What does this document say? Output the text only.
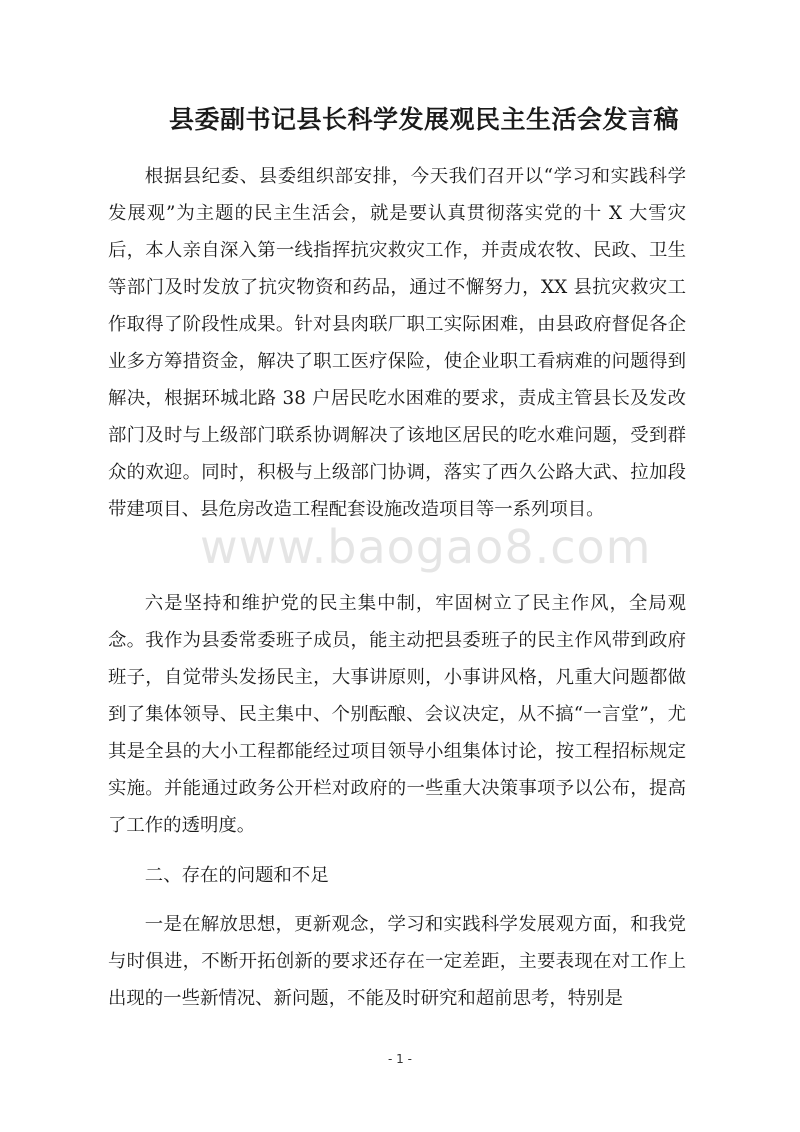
县委副书记县长科学发展观民主生活会发言稿

根据县纪委、县委组织部安排，今天我们召开以“学习和实践科学发展观”为主题的民主生活会，就是要认真贯彻落实党的十 X 大雪灾后，本人亲自深入第一线指挥抗灾救灾工作，并责成农牧、民政、卫生等部门及时发放了抗灾物资和药品，通过不懈努力，XX 县抗灾救灾工作取得了阶段性成果。针对县肉联厂职工实际困难，由县政府督促各企业多方筹措资金，解决了职工医疗保险，使企业职工看病难的问题得到解决，根据环城北路 38 户居民吃水困难的要求，责成主管县长及发改部门及时与上级部门联系协调解决了该地区居民的吃水难问题，受到群众的欢迎。同时，积极与上级部门协调，落实了西久公路大武、拉加段带建项目、县危房改造工程配套设施改造项目等一系列项目。

www.baogao8.com

六是坚持和维护党的民主集中制，牢固树立了民主作风，全局观念。我作为县委常委班子成员，能主动把县委班子的民主作风带到政府班子，自觉带头发扬民主，大事讲原则，小事讲风格，凡重大问题都做到了集体领导、民主集中、个别酝酿、会议决定，从不搞“一言堂”，尤其是全县的大小工程都能经过项目领导小组集体讨论，按工程招标规定实施。并能通过政务公开栏对政府的一些重大决策事项予以公布，提高了工作的透明度。

二、存在的问题和不足

一是在解放思想，更新观念，学习和实践科学发展观方面，和我党与时俱进，不断开拓创新的要求还存在一定差距，主要表现在对工作上出现的一些新情况、新问题，不能及时研究和超前思考，特别是

- 1 -
